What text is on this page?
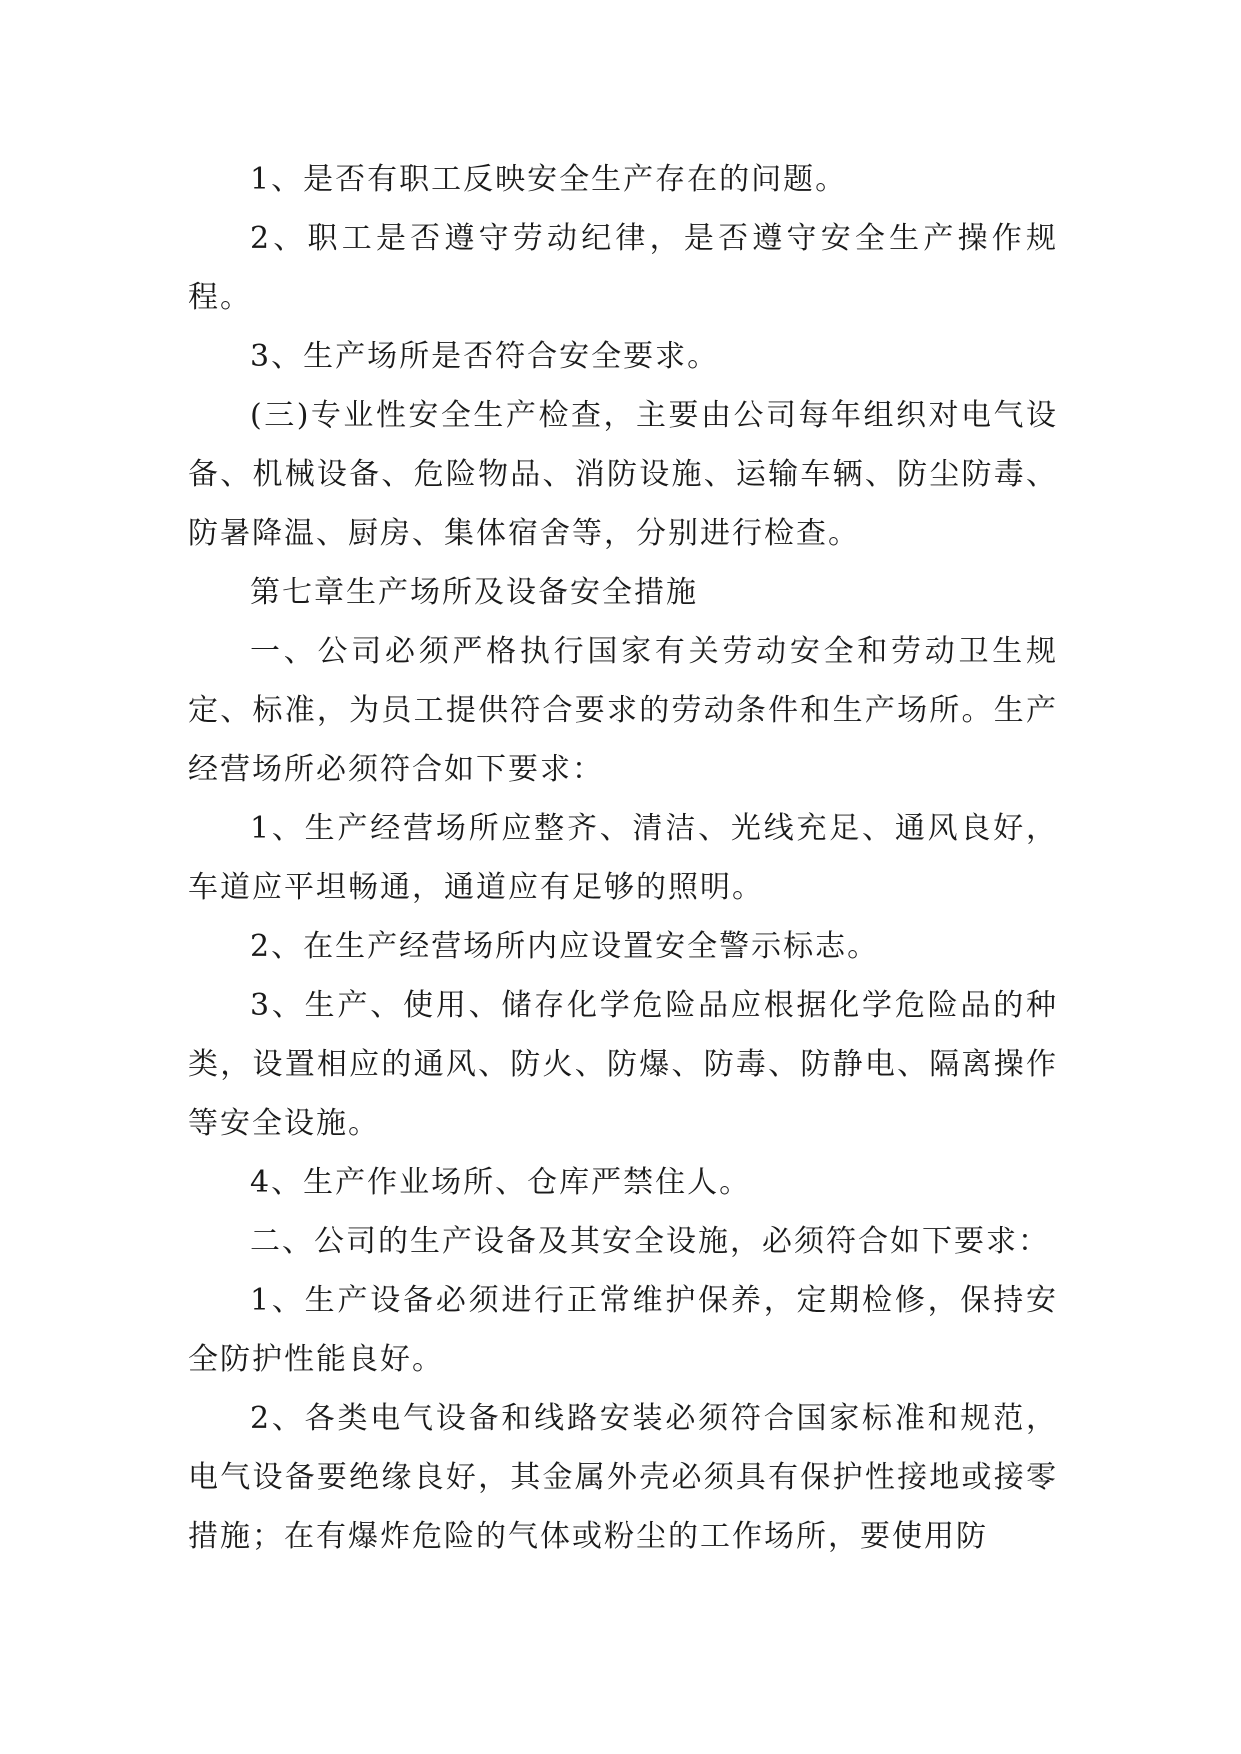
1、是否有职工反映安全生产存在的问题。

2、职工是否遵守劳动纪律，是否遵守安全生产操作规程。

3、生产场所是否符合安全要求。

(三)专业性安全生产检查，主要由公司每年组织对电气设备、机械设备、危险物品、消防设施、运输车辆、防尘防毒、防暑降温、厨房、集体宿舍等，分别进行检查。

第七章生产场所及设备安全措施

一、公司必须严格执行国家有关劳动安全和劳动卫生规定、标准，为员工提供符合要求的劳动条件和生产场所。生产经营场所必须符合如下要求：

1、生产经营场所应整齐、清洁、光线充足、通风良好，车道应平坦畅通，通道应有足够的照明。

2、在生产经营场所内应设置安全警示标志。

3、生产、使用、储存化学危险品应根据化学危险品的种类，设置相应的通风、防火、防爆、防毒、防静电、隔离操作等安全设施。

4、生产作业场所、仓库严禁住人。

二、公司的生产设备及其安全设施，必须符合如下要求：

1、生产设备必须进行正常维护保养，定期检修，保持安全防护性能良好。

2、各类电气设备和线路安装必须符合国家标准和规范，电气设备要绝缘良好，其金属外壳必须具有保护性接地或接零措施；在有爆炸危险的气体或粉尘的工作场所，要使用防
